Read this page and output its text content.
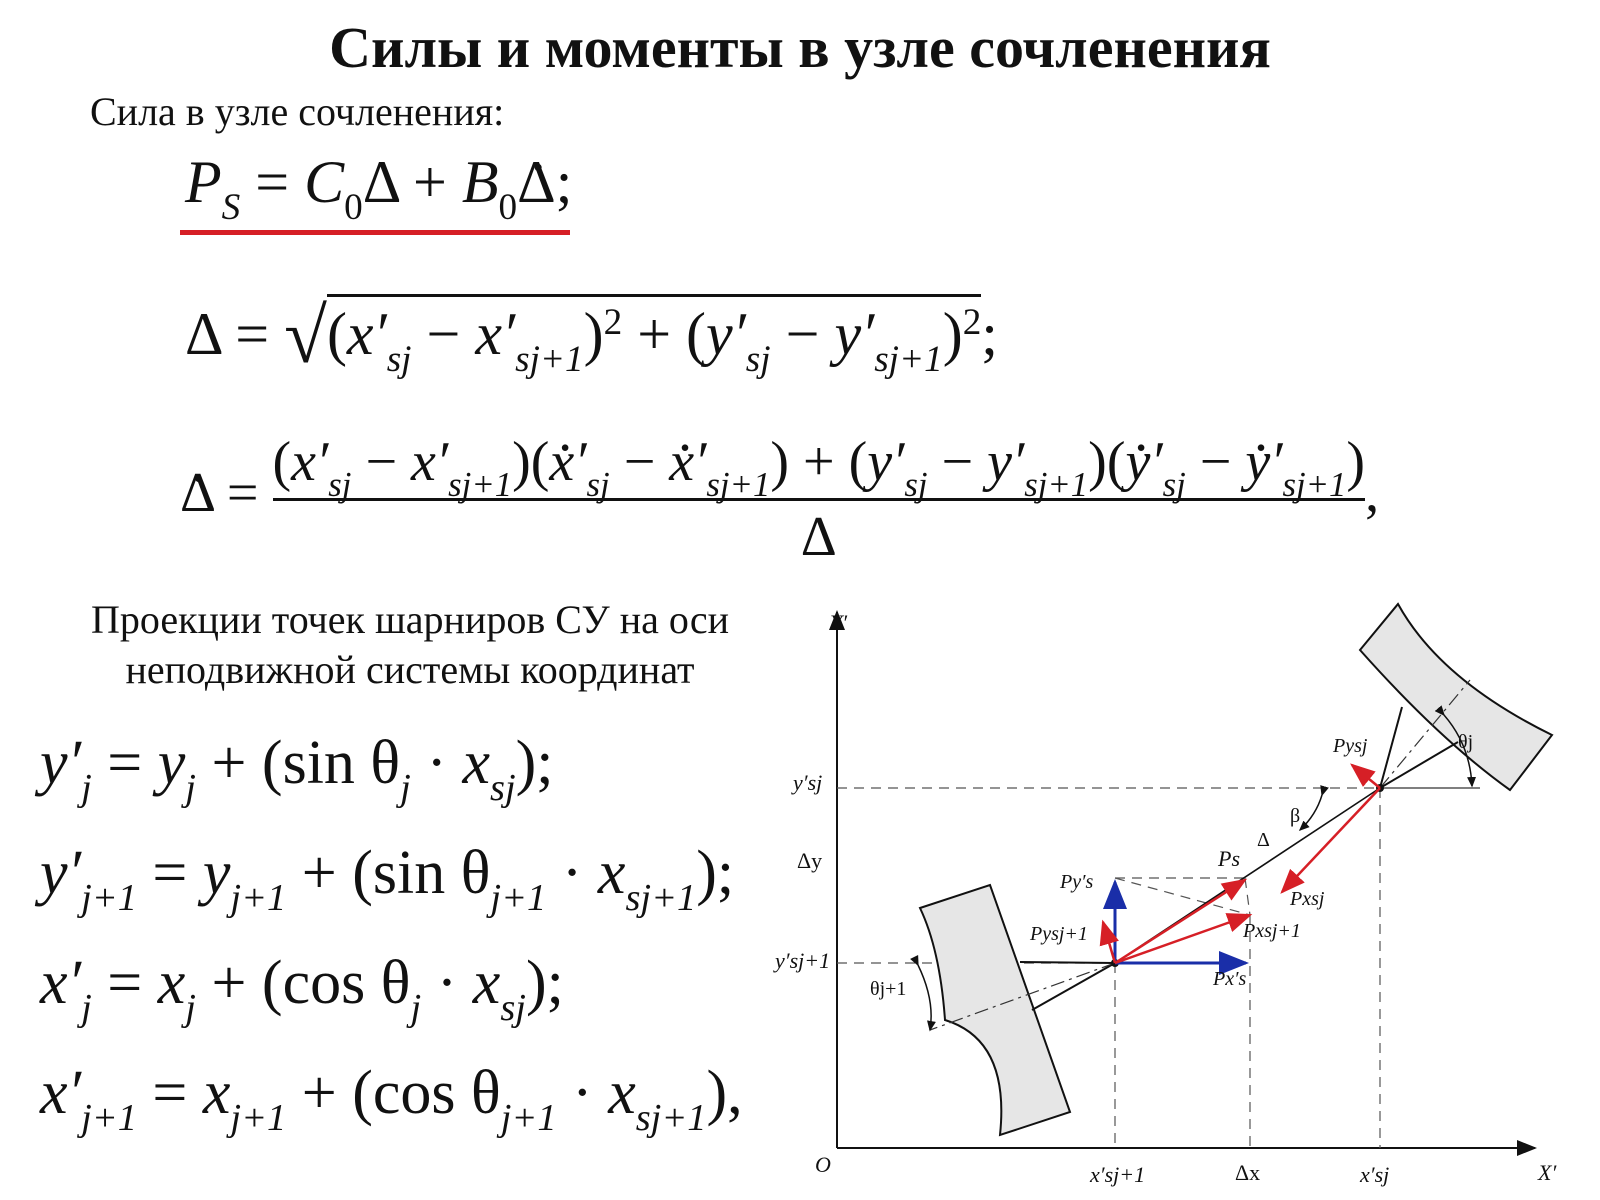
Силы и моменты в узле сочленения
Сила в узле сочленения:
$P_S = C_0\Delta + B_0$. Δ;
$\Delta = √(x'_{sj} - x'_{sj+1})^2 + (y'_{sj} - y'_{sj+1})^2$;
. $\Delta = (x'_{sj} - x'_{sj+1})$(. $x'_{sj}$ − . $x'_{sj+1}) + (y'_{sj} - y'_{sj+1})$(. $y'_{sj}$ − . $y'_{sj+1}$)
Δ
,
Проекции точек шарниров СУ на оси
неподвижной системы координат
$y'_j = y_j + (\sin$ $\theta_j \cdot x_{sj}$);
$y'_{j+1} = y_{j+1} + (\sin$ $\theta_{j+1} \cdot x_{sj+1}$);
$x'_j = x_j + (\cos$ $\theta_j \cdot x_{sj}$);
$x'_{j+1} = x_{j+1} + (\cos$ $\theta_{j+1} \cdot x_{sj+1}$),
Y′
X′
O
y′sj
Δy
y′sj+1
x′sj+1	Δx	x′sj
Pysj	θj
β
Δ
Ps
Pxsj
Py′s
Pxsj+1
Pysj+1
Px′s
θj+1
